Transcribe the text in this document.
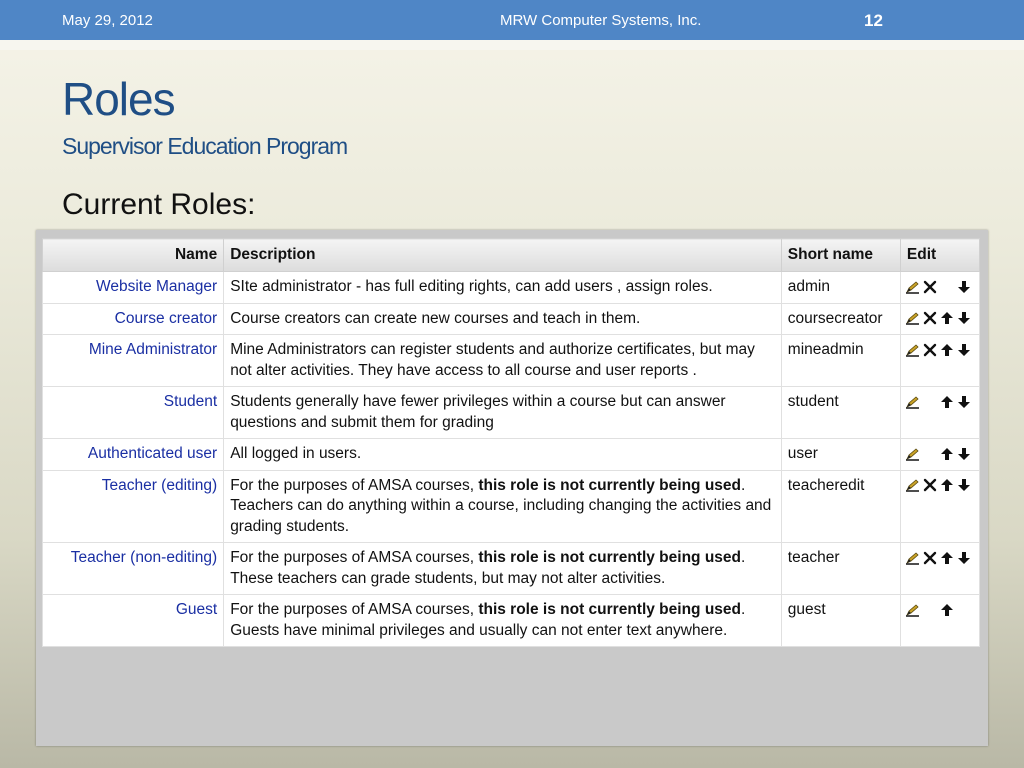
May 29, 2012	MRW Computer Systems, Inc.	12
Roles
Supervisor Education Program
Current Roles:
Name	Description	Short name	Edit
Website Manager	SIte administrator - has full editing rights, can add users , assign roles.	admin	

Course creator	Course creators can create new courses and teach in them.	coursecreator	

Mine Administrator	Mine Administrators can register students and authorize certificates, but may not alter activities. They have access to all course and user reports .	mineadmin	

Student	Students generally have fewer privileges within a course but can answer questions and submit them for grading	student	

Authenticated user	All logged in users.	user	

Teacher (editing)	For the purposes of AMSA courses, this role is not currently being used. Teachers can do anything within a course, including changing the activities and grading students.	teacheredit	

Teacher (non-editing)	For the purposes of AMSA courses, this role is not currently being used. These teachers can grade students, but may not alter activities.	teacher	

Guest	For the purposes of AMSA courses, this role is not currently being used. Guests have minimal privileges and usually can not enter text anywhere.	guest	
